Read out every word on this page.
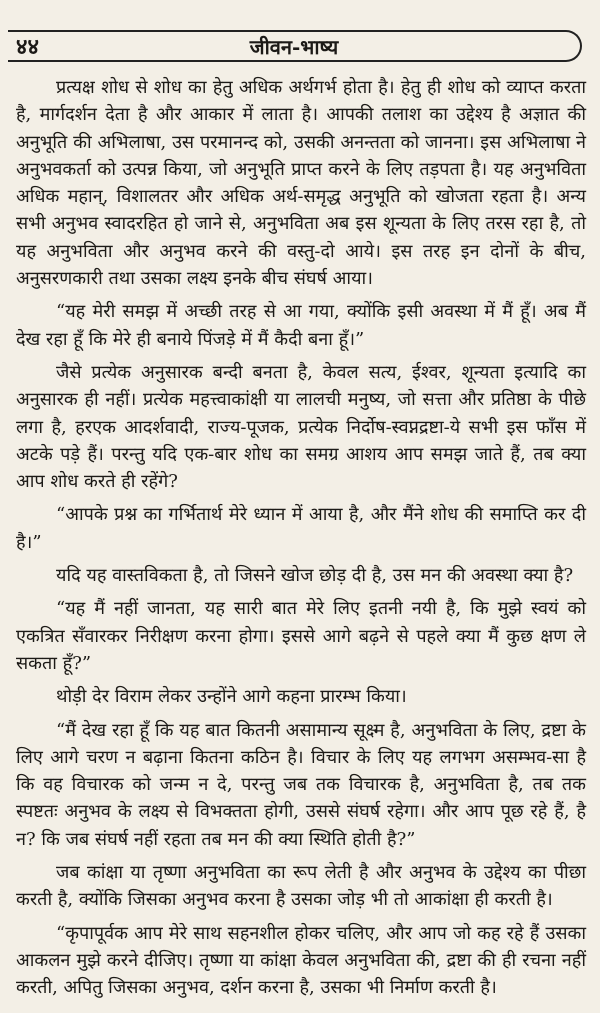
४४	जीवन-भाष्य

प्रत्यक्ष शोध से शोध का हेतु अधिक अर्थगर्भ होता है। हेतु ही शोध को व्याप्त करता है, मार्गदर्शन देता है और आकार में लाता है। आपकी तलाश का उद्देश्य है अज्ञात की अनुभूति की अभिलाषा, उस परमानन्द को, उसकी अनन्तता को जानना। इस अभिलाषा ने अनुभवकर्ता को उत्पन्न किया, जो अनुभूति प्राप्त करने के लिए तड़पता है। यह अनुभविता अधिक महान्, विशालतर और अधिक अर्थ-समृद्ध अनुभूति को खोजता रहता है। अन्य सभी अनुभव स्वादरहित हो जाने से, अनुभविता अब इस शून्यता के लिए तरस रहा है, तो यह अनुभविता और अनुभव करने की वस्तु-दो आये। इस तरह इन दोनों के बीच, अनुसरणकारी तथा उसका लक्ष्य इनके बीच संघर्ष आया।

“यह मेरी समझ में अच्छी तरह से आ गया, क्योंकि इसी अवस्था में मैं हूँ। अब मैं देख रहा हूँ कि मेरे ही बनाये पिंजड़े में मैं कैदी बना हूँ।”

जैसे प्रत्येक अनुसारक बन्दी बनता है, केवल सत्य, ईश्वर, शून्यता इत्यादि का अनुसारक ही नहीं। प्रत्येक महत्त्वाकांक्षी या लालची मनुष्य, जो सत्ता और प्रतिष्ठा के पीछे लगा है, हरएक आदर्शवादी, राज्य-पूजक, प्रत्येक निर्दोष-स्वप्नद्रष्टा-ये सभी इस फाँस में अटके पड़े हैं। परन्तु यदि एक-बार शोध का समग्र आशय आप समझ जाते हैं, तब क्या आप शोध करते ही रहेंगे?

“आपके प्रश्न का गर्भितार्थ मेरे ध्यान में आया है, और मैंने शोध की समाप्ति कर दी है।”

यदि यह वास्तविकता है, तो जिसने खोज छोड़ दी है, उस मन की अवस्था क्या है?

“यह मैं नहीं जानता, यह सारी बात मेरे लिए इतनी नयी है, कि मुझे स्वयं को एकत्रित सँवारकर निरीक्षण करना होगा। इससे आगे बढ़ने से पहले क्या मैं कुछ क्षण ले सकता हूँ?”

थोड़ी देर विराम लेकर उन्होंने आगे कहना प्रारम्भ किया।

“मैं देख रहा हूँ कि यह बात कितनी असामान्य सूक्ष्म है, अनुभविता के लिए, द्रष्टा के लिए आगे चरण न बढ़ाना कितना कठिन है। विचार के लिए यह लगभग असम्भव-सा है कि वह विचारक को जन्म न दे, परन्तु जब तक विचारक है, अनुभविता है, तब तक स्पष्टतः अनुभव के लक्ष्य से विभक्तता होगी, उससे संघर्ष रहेगा। और आप पूछ रहे हैं, है न? कि जब संघर्ष नहीं रहता तब मन की क्या स्थिति होती है?”

जब कांक्षा या तृष्णा अनुभविता का रूप लेती है और अनुभव के उद्देश्य का पीछा करती है, क्योंकि जिसका अनुभव करना है उसका जोड़ भी तो आकांक्षा ही करती है।

“कृपापूर्वक आप मेरे साथ सहनशील होकर चलिए, और आप जो कह रहे हैं उसका आकलन मुझे करने दीजिए। तृष्णा या कांक्षा केवल अनुभविता की, द्रष्टा की ही रचना नहीं करती, अपितु जिसका अनुभव, दर्शन करना है, उसका भी निर्माण करती है।
